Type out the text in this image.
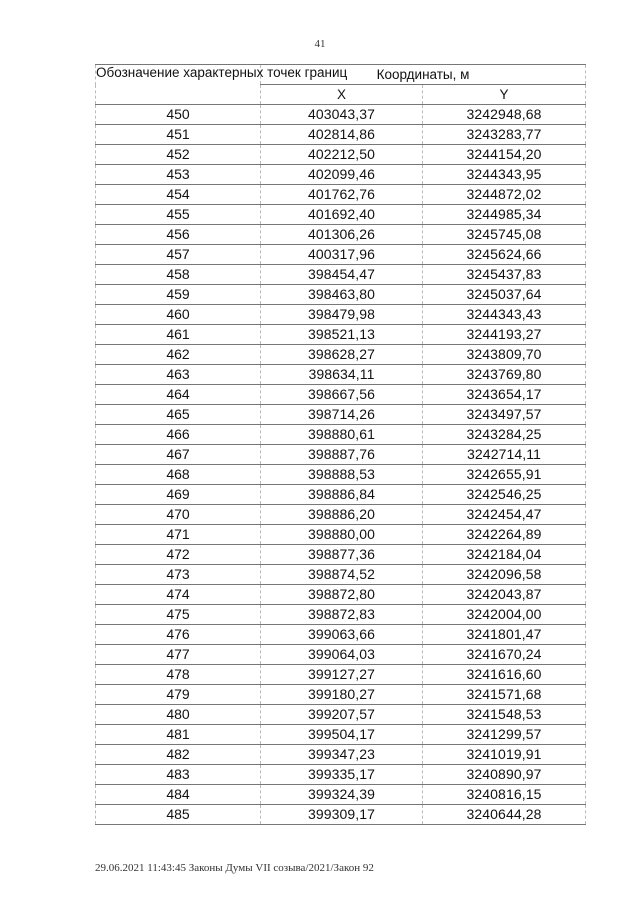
41
Обозначение характерных точек границ	Координаты, м	
	X	Y
450	403043,37	3242948,68
451	402814,86	3243283,77
452	402212,50	3244154,20
453	402099,46	3244343,95
454	401762,76	3244872,02
455	401692,40	3244985,34
456	401306,26	3245745,08
457	400317,96	3245624,66
458	398454,47	3245437,83
459	398463,80	3245037,64
460	398479,98	3244343,43
461	398521,13	3244193,27
462	398628,27	3243809,70
463	398634,11	3243769,80
464	398667,56	3243654,17
465	398714,26	3243497,57
466	398880,61	3243284,25
467	398887,76	3242714,11
468	398888,53	3242655,91
469	398886,84	3242546,25
470	398886,20	3242454,47
471	398880,00	3242264,89
472	398877,36	3242184,04
473	398874,52	3242096,58
474	398872,80	3242043,87
475	398872,83	3242004,00
476	399063,66	3241801,47
477	399064,03	3241670,24
478	399127,27	3241616,60
479	399180,27	3241571,68
480	399207,57	3241548,53
481	399504,17	3241299,57
482	399347,23	3241019,91
483	399335,17	3240890,97
484	399324,39	3240816,15
485	399309,17	3240644,28
29.06.2021 11:43:45 Законы Думы VII созыва/2021/Закон 92
